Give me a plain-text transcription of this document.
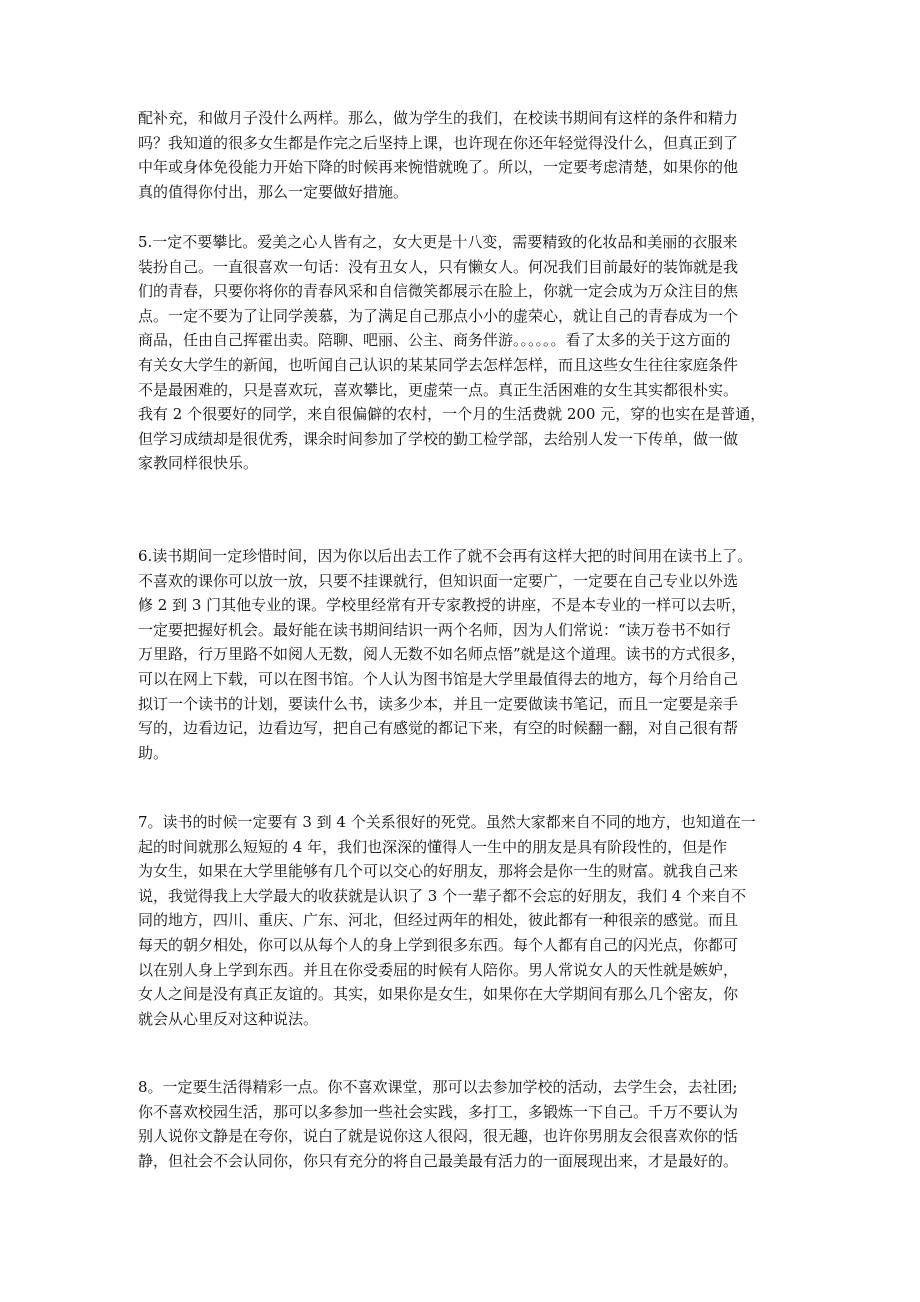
配补充，和做月子没什么两样。那么，做为学生的我们，在校读书期间有这样的条件和精力
吗？我知道的很多女生都是作完之后坚持上课，也许现在你还年轻觉得没什么，但真正到了
中年或身体免役能力开始下降的时候再来惋惜就晚了。所以，一定要考虑清楚，如果你的他
真的值得你付出，那么一定要做好措施。
5.一定不要攀比。爱美之心人皆有之，女大更是十八变，需要精致的化妆品和美丽的衣服来
装扮自己。一直很喜欢一句话：没有丑女人，只有懒女人。何况我们目前最好的装饰就是我
们的青春，只要你将你的青春风采和自信微笑都展示在脸上，你就一定会成为万众注目的焦
点。一定不要为了让同学羡慕，为了满足自己那点小小的虚荣心，就让自己的青春成为一个
商品，任由自己挥霍出卖。陪聊、吧丽、公主、商务伴游。。。。。。看了太多的关于这方面的
有关女大学生的新闻，也听闻自己认识的某某同学去怎样怎样，而且这些女生往往家庭条件
不是最困难的，只是喜欢玩，喜欢攀比，更虚荣一点。真正生活困难的女生其实都很朴实。
我有 2 个很要好的同学，来自很偏僻的农村，一个月的生活费就 200 元，穿的也实在是普通，
但学习成绩却是很优秀，课余时间参加了学校的勤工检学部，去给别人发一下传单，做一做
家教同样很快乐。
6.读书期间一定珍惜时间，因为你以后出去工作了就不会再有这样大把的时间用在读书上了。
不喜欢的课你可以放一放，只要不挂课就行，但知识面一定要广，一定要在自己专业以外选
修 2 到 3 门其他专业的课。学校里经常有开专家教授的讲座，不是本专业的一样可以去听，
一定要把握好机会。最好能在读书期间结识一两个名师，因为人们常说：“读万卷书不如行
万里路，行万里路不如阅人无数，阅人无数不如名师点悟”就是这个道理。读书的方式很多，
可以在网上下载，可以在图书馆。个人认为图书馆是大学里最值得去的地方，每个月给自己
拟订一个读书的计划，要读什么书，读多少本，并且一定要做读书笔记，而且一定要是亲手
写的，边看边记，边看边写，把自己有感觉的都记下来，有空的时候翻一翻，对自己很有帮
助。
7。读书的时候一定要有 3 到 4 个关系很好的死党。虽然大家都来自不同的地方，也知道在一
起的时间就那么短短的 4 年，我们也深深的懂得人一生中的朋友是具有阶段性的，但是作
为女生，如果在大学里能够有几个可以交心的好朋友，那将会是你一生的财富。就我自己来
说，我觉得我上大学最大的收获就是认识了 3 个一辈子都不会忘的好朋友，我们 4 个来自不
同的地方，四川、重庆、广东、河北，但经过两年的相处，彼此都有一种很亲的感觉。而且
每天的朝夕相处，你可以从每个人的身上学到很多东西。每个人都有自己的闪光点，你都可
以在别人身上学到东西。并且在你受委屈的时候有人陪你。男人常说女人的天性就是嫉妒，
女人之间是没有真正友谊的。其实，如果你是女生，如果你在大学期间有那么几个密友，你
就会从心里反对这种说法。
8。一定要生活得精彩一点。你不喜欢课堂，那可以去参加学校的活动，去学生会，去社团;
你不喜欢校园生活，那可以多参加一些社会实践，多打工，多锻炼一下自己。千万不要认为
别人说你文静是在夸你，说白了就是说你这人很闷，很无趣，也许你男朋友会很喜欢你的恬
静，但社会不会认同你，你只有充分的将自己最美最有活力的一面展现出来，才是最好的。
